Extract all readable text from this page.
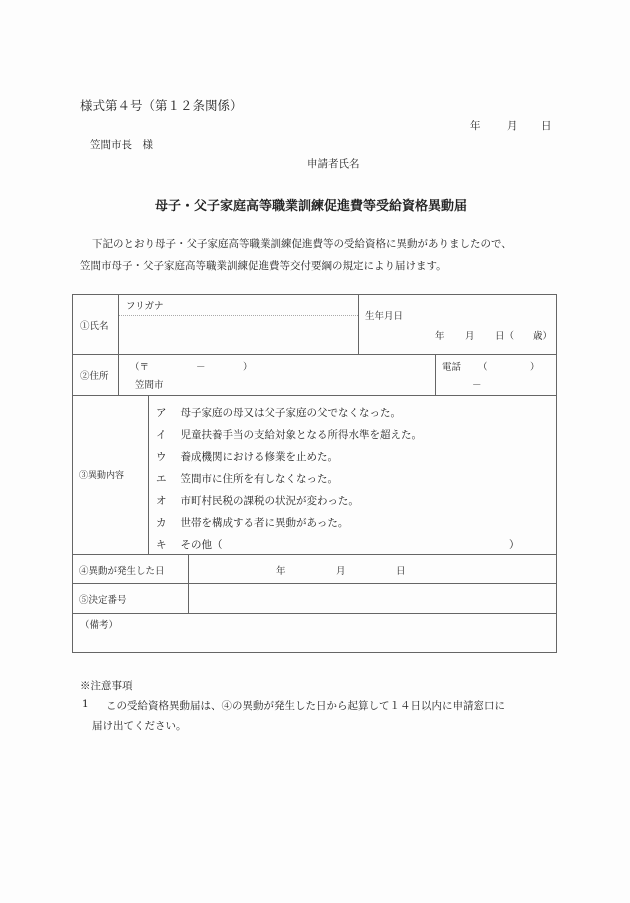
様式第４号（第１２条関係）
年	月 日
笠間市長　様
申請者氏名
母子・父子家庭高等職業訓練促進費等受給資格異動届
下記のとおり母子・父子家庭高等職業訓練促進費等の受給資格に異動がありましたので、
笠間市母子・父子家庭高等職業訓練促進費等交付要綱の規定により届けます。
①氏名
フリガナ
生年月日
年 月 日（ 歳）
②住所
（〒	－	）
笠間市
電話 （	）
－
③異動内容
ア 母子家庭の母又は父子家庭の父でなくなった。
イ 児童扶養手当の支給対象となる所得水準を超えた。
ウ 養成機関における修業を止めた。
エ 笠間市に住所を有しなくなった。
オ 市町村民税の課税の状況が変わった。
カ 世帯を構成する者に異動があった。
キ その他（	）
④異動が発生した日	年	月	日
⑤決定番号
（備考）
※注意事項
1 この受給資格異動届は、④の異動が発生した日から起算して１４日以内に申請窓口に
届け出てください。
